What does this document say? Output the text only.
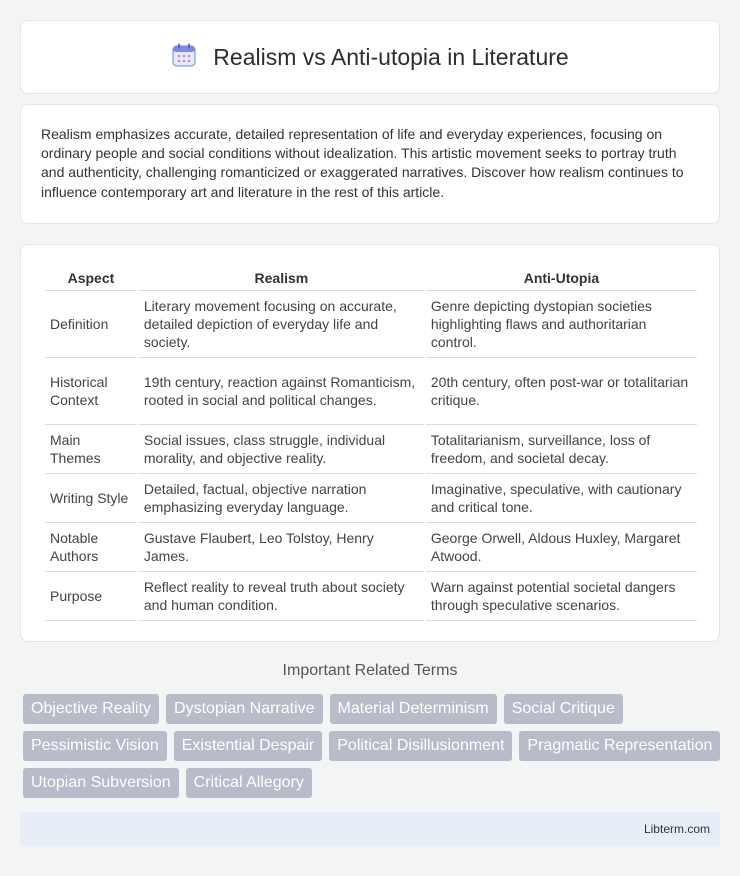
Realism vs Anti-utopia in Literature

Realism emphasizes accurate, detailed representation of life and everyday experiences, focusing on ordinary people and social conditions without idealization. This artistic movement seeks to portray truth and authenticity, challenging romanticized or exaggerated narratives. Discover how realism continues to influence contemporary art and literature in the rest of this article.

Aspect	Realism	Anti-Utopia
Definition	Literary movement focusing on accurate, detailed depiction of everyday life and society.	Genre depicting dystopian societies highlighting flaws and authoritarian control.
Historical Context	19th century, reaction against Romanticism, rooted in social and political changes.	20th century, often post-war or totalitarian critique.
Main Themes	Social issues, class struggle, individual morality, and objective reality.	Totalitarianism, surveillance, loss of freedom, and societal decay.
Writing Style	Detailed, factual, objective narration emphasizing everyday language.	Imaginative, speculative, with cautionary and critical tone.
Notable Authors	Gustave Flaubert, Leo Tolstoy, Henry James.	George Orwell, Aldous Huxley, Margaret Atwood.
Purpose	Reflect reality to reveal truth about society and human condition.	Warn against potential societal dangers through speculative scenarios.
Important Related Terms
Objective Reality	Dystopian Narrative	Material Determinism	Social Critique
Pessimistic Vision	Existential Despair	Political Disillusionment	Pragmatic Representation
Utopian Subversion	Critical Allegory
Libterm.com
